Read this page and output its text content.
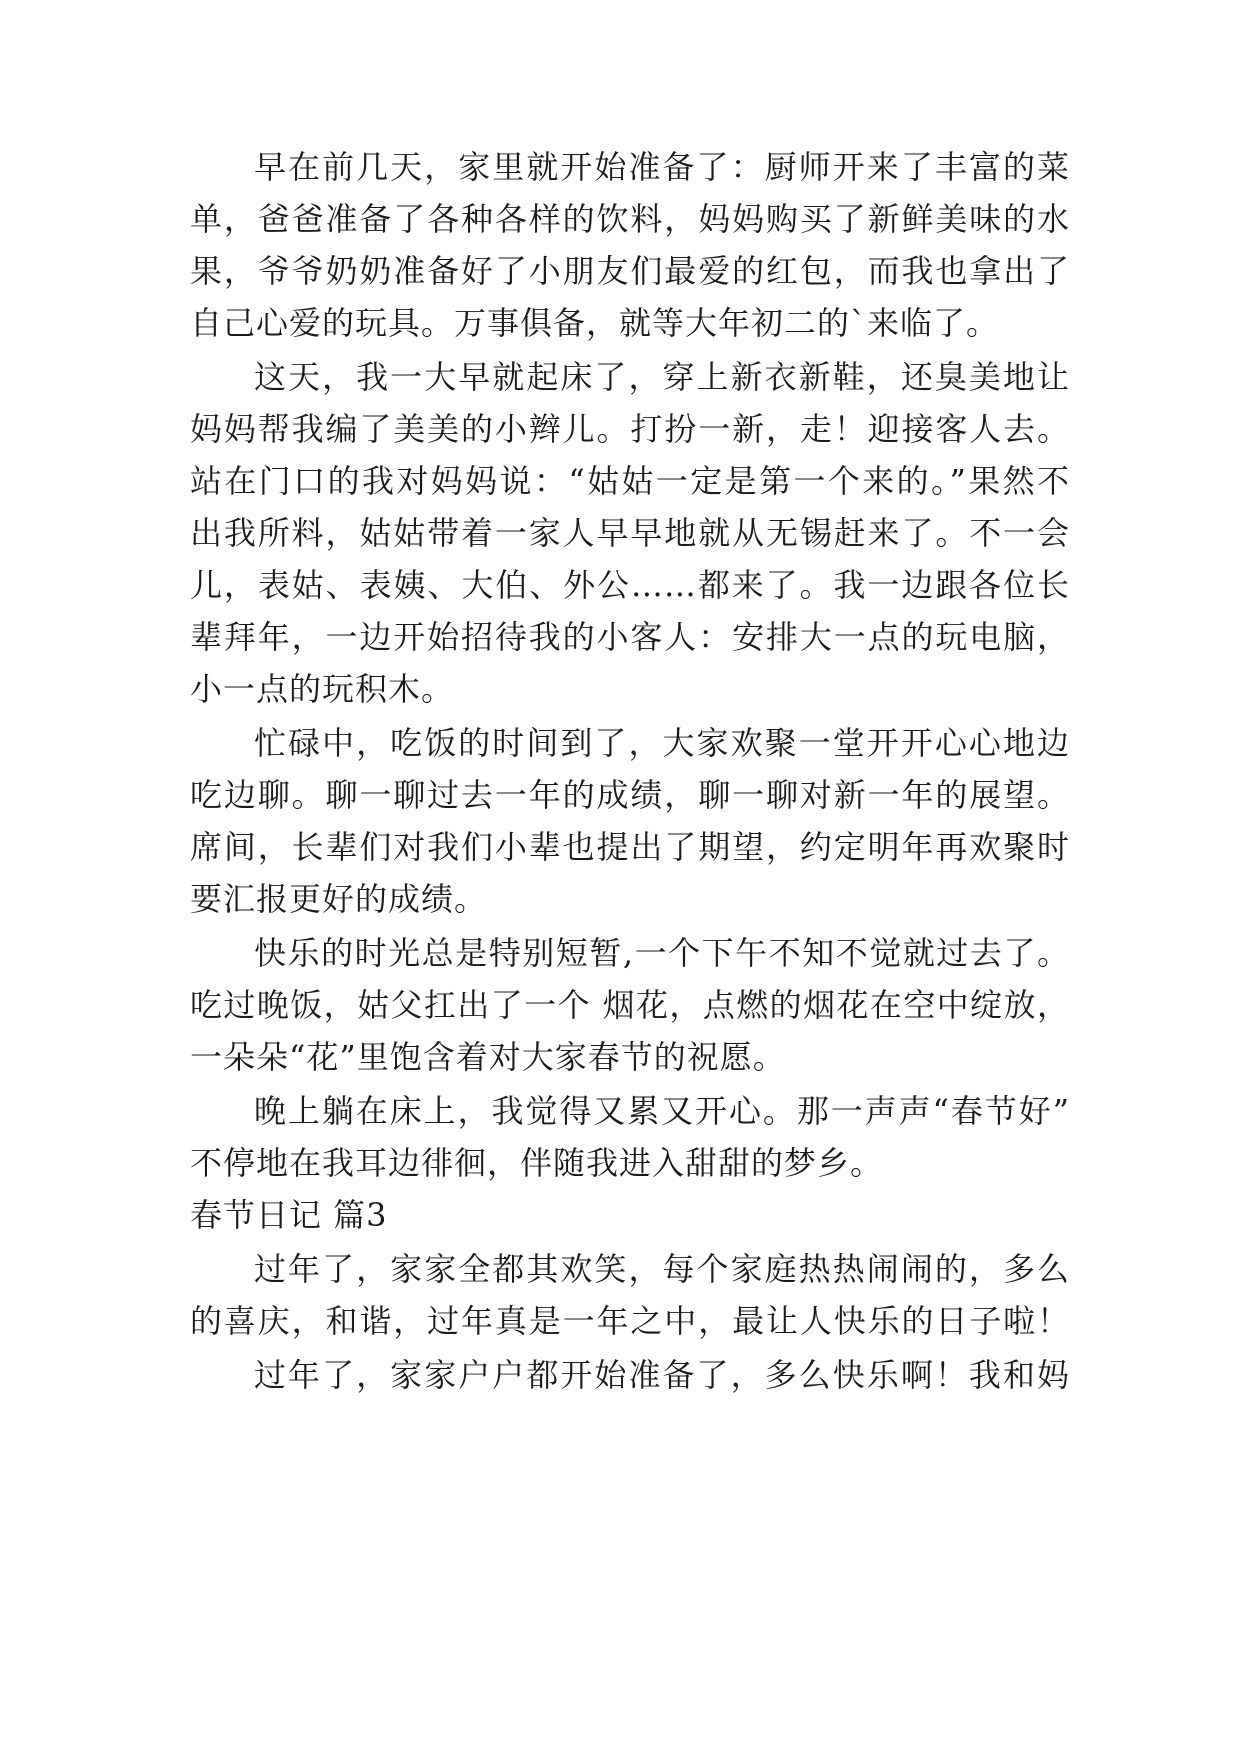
早在前几天，家里就开始准备了：厨师开来了丰富的菜
单，爸爸准备了各种各样的饮料，妈妈购买了新鲜美味的水
果，爷爷奶奶准备好了小朋友们最爱的红包，而我也拿出了
自己心爱的玩具。万事俱备，就等大年初二的`来临了。
这天，我一大早就起床了，穿上新衣新鞋，还臭美地让
妈妈帮我编了美美的小辫儿。打扮一新，走！迎接客人去。
站在门口的我对妈妈说：“姑姑一定是第一个来的。”果然不
出我所料，姑姑带着一家人早早地就从无锡赶来了。不一会
儿，表姑、表姨、大伯、外公……都来了。我一边跟各位长
辈拜年，一边开始招待我的小客人：安排大一点的玩电脑，
小一点的玩积木。
忙碌中，吃饭的时间到了，大家欢聚一堂开开心心地边
吃边聊。聊一聊过去一年的成绩，聊一聊对新一年的展望。
席间，长辈们对我们小辈也提出了期望，约定明年再欢聚时
要汇报更好的成绩。
快乐的时光总是特别短暂,一个下午不知不觉就过去了。
吃过晚饭，姑父扛出了一个 烟花，点燃的烟花在空中绽放，
一朵朵“花”里饱含着对大家春节的祝愿。
晚上躺在床上，我觉得又累又开心。那一声声“春节好”
不停地在我耳边徘徊，伴随我进入甜甜的梦乡。
春节日记 篇3
过年了，家家全都其欢笑，每个家庭热热闹闹的，多么
的喜庆，和谐，过年真是一年之中，最让人快乐的日子啦！
过年了，家家户户都开始准备了，多么快乐啊！我和妈
